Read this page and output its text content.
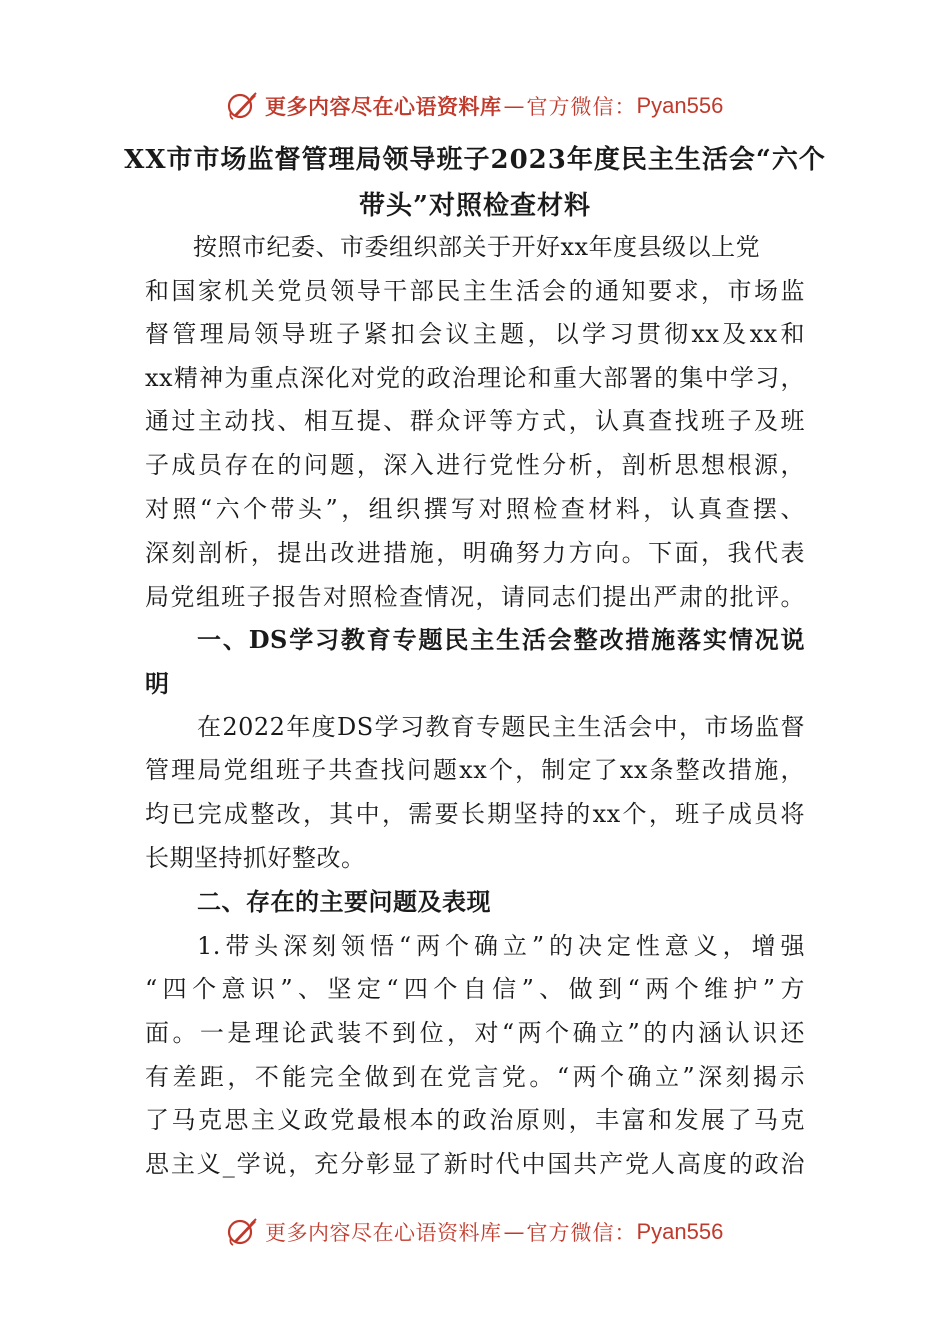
更多内容尽在心语资料库 — 官方微信： Pyan556
XX市市场监督管理局领导班子2023年度民主生活会“六个
带头”对照检查材料
按照市纪委、市委组织部关于开好xx年度县级以上党
和国家机关党员领导干部民主生活会的通知要求，市场监
督管理局领导班子紧扣会议主题，以学习贯彻xx及xx和
xx精神为重点深化对党的政治理论和重大部署的集中学习，
通过主动找、相互提、群众评等方式，认真查找班子及班
子成员存在的问题，深入进行党性分析，剖析思想根源，
对照“六个带头”，组织撰写对照检查材料，认真查摆、
深刻剖析，提出改进措施，明确努力方向。下面，我代表
局党组班子报告对照检查情况，请同志们提出严肃的批评。
一、DS学习教育专题民主生活会整改措施落实情况说
明
在2022年度DS学习教育专题民主生活会中，市场监督
管理局党组班子共查找问题xx个，制定了xx条整改措施，
均已完成整改，其中，需要长期坚持的xx个，班子成员将
长期坚持抓好整改。
二、存在的主要问题及表现
1.带头深刻领悟“两个确立”的决定性意义，增强
“四个意识”、坚定“四个自信”、做到“两个维护”方
面。一是理论武装不到位，对“两个确立”的内涵认识还
有差距，不能完全做到在党言党。“两个确立”深刻揭示
了马克思主义政党最根本的政治原则，丰富和发展了马克
思主义_学说，充分彰显了新时代中国共产党人高度的政治
更多内容尽在心语资料库 — 官方微信： Pyan556
